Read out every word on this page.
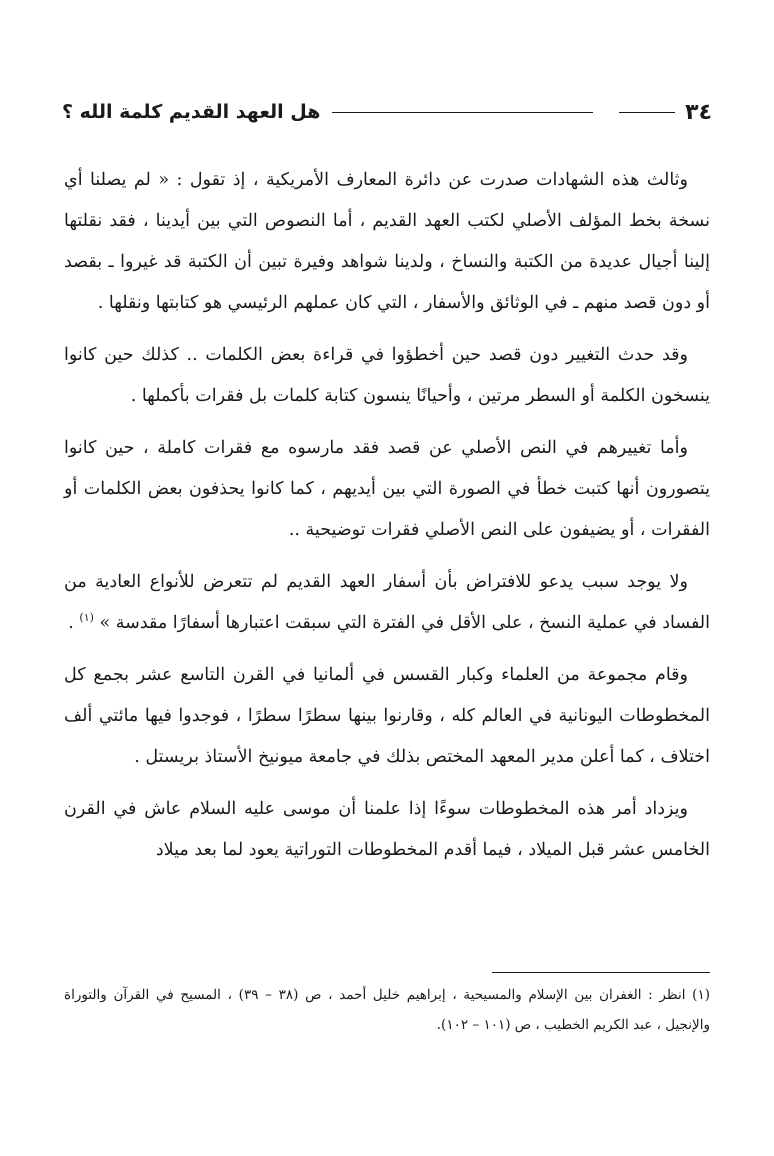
٣٤
هل العهد القديم كلمة الله ؟

وثالث هذه الشهادات صدرت عن دائرة المعارف الأمريكية ، إذ تقول : « لم يصلنا أي نسخة بخط المؤلف الأصلي لكتب العهد القديم ، أما النصوص التي بين أيدينا ، فقد نقلتها إلينا أجيال عديدة من الكتبة والنساخ ، ولدينا شواهد وفيرة تبين أن الكتبة قد غيروا ـ بقصد أو دون قصد منهم ـ في الوثائق والأسفار ، التي كان عملهم الرئيسي هو كتابتها ونقلها .

وقد حدث التغيير دون قصد حين أخطؤوا في قراءة بعض الكلمات .. كذلك حين كانوا ينسخون الكلمة أو السطر مرتين ، وأحيانًا ينسون كتابة كلمات بل فقرات بأكملها .

وأما تغييرهم في النص الأصلي عن قصد فقد مارسوه مع فقرات كاملة ، حين كانوا يتصورون أنها كتبت خطأ في الصورة التي بين أيديهم ، كما كانوا يحذفون بعض الكلمات أو الفقرات ، أو يضيفون على النص الأصلي فقرات توضيحية ..

ولا يوجد سبب يدعو للافتراض بأن أسفار العهد القديم لم تتعرض للأنواع العادية من الفساد في عملية النسخ ، على الأقل في الفترة التي سبقت اعتبارها أسفارًا مقدسة » $^{(١)}$ .

وقام مجموعة من العلماء وكبار القسس في ألمانيا في القرن التاسع عشر بجمع كل المخطوطات اليونانية في العالم كله ، وقارنوا بينها سطرًا سطرًا ، فوجدوا فيها مائتي ألف اختلاف ، كما أعلن مدير المعهد المختص بذلك في جامعة ميونيخ الأستاذ بريستل .

ويزداد أمر هذه المخطوطات سوءًا إذا علمنا أن موسى عليه السلام عاش في القرن الخامس عشر قبل الميلاد ، فيما أقدم المخطوطات التوراتية يعود لما بعد ميلاد

(١) انظر : الغفران بين الإسلام والمسيحية ، إبراهيم خليل أحمد ، ص (٣٨ – ٣٩) ، المسيح في القرآن والتوراة والإنجيل ، عبد الكريم الخطيب ، ص (١٠١ – ١٠٢).
